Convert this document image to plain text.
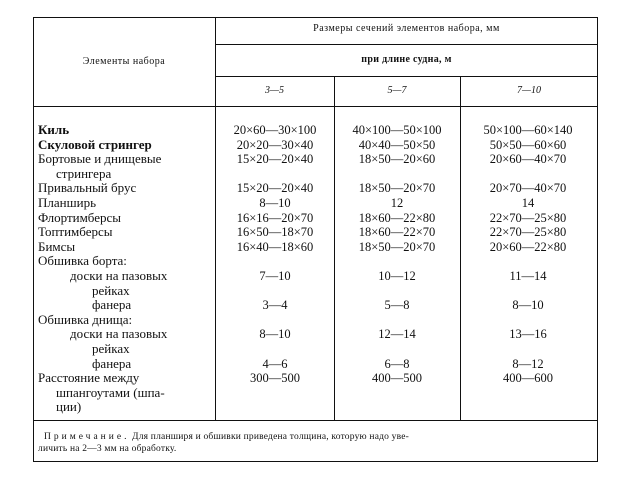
Элементы набора
Размеры сечений элементов набора, мм
при длине судна, м
3—5	5—7	7—10
Киль	20×60—30×100	40×100—50×100	50×100—60×140
Скуловой стрингер	20×20—30×40	40×40—50×50	50×50—60×60
Бортовые и днищевые	15×20—20×40	18×50—20×60	20×60—40×70
стрингера
Привальный брус	15×20—20×40	18×50—20×70	20×70—40×70
Планширь	8—10	12	14
Флортимберсы	16×16—20×70	18×60—22×80	22×70—25×80
Топтимберсы	16×50—18×70	18×60—22×70	22×70—25×80
Бимсы	16×40—18×60	18×50—20×70	20×60—22×80
Обшивка борта:
доски на пазовых	7—10	10—12	11—14
рейках
фанера	3—4	5—8	8—10
Обшивка днища:
доски на пазовых	8—10	12—14	13—16
рейках
фанера	4—6	6—8	8—12
Расстояние между	300—500	400—500	400—600
шпангоутами (шпа-
ции)
Примечание. Для планширя и обшивки приведена толщина, которую надо уве-
личить на 2—3 мм на обработку.
